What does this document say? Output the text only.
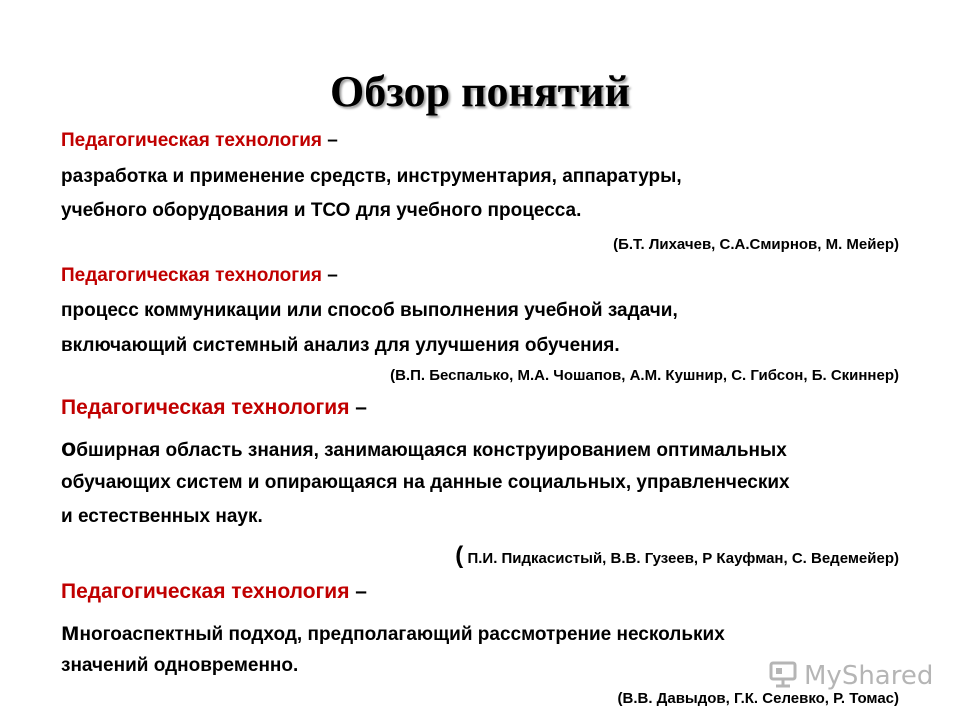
Обзор понятий
Педагогическая технология –
разработка и применение средств, инструментария, аппаратуры,
учебного оборудования и ТСО для учебного процесса.
(Б.Т. Лихачев, С.А.Смирнов, М. Мейер)
Педагогическая технология –
процесс коммуникации или способ выполнения учебной задачи,
включающий системный анализ для улучшения обучения.
(В.П. Беспалько, М.А. Чошапов, А.М. Кушнир, С. Гибсон, Б. Скиннер)
Педагогическая технология –
обширная область знания, занимающаяся конструированием оптимальных
обучающих систем и опирающаяся на данные социальных, управленческих
и естественных наук.
( П.И. Пидкасистый, В.В. Гузеев, Р Кауфман, С. Ведемейер)
Педагогическая технология –
многоаспектный подход, предполагающий рассмотрение нескольких
значений одновременно.
(В.В. Давыдов, Г.К. Селевко, Р. Томас)
MyShared
